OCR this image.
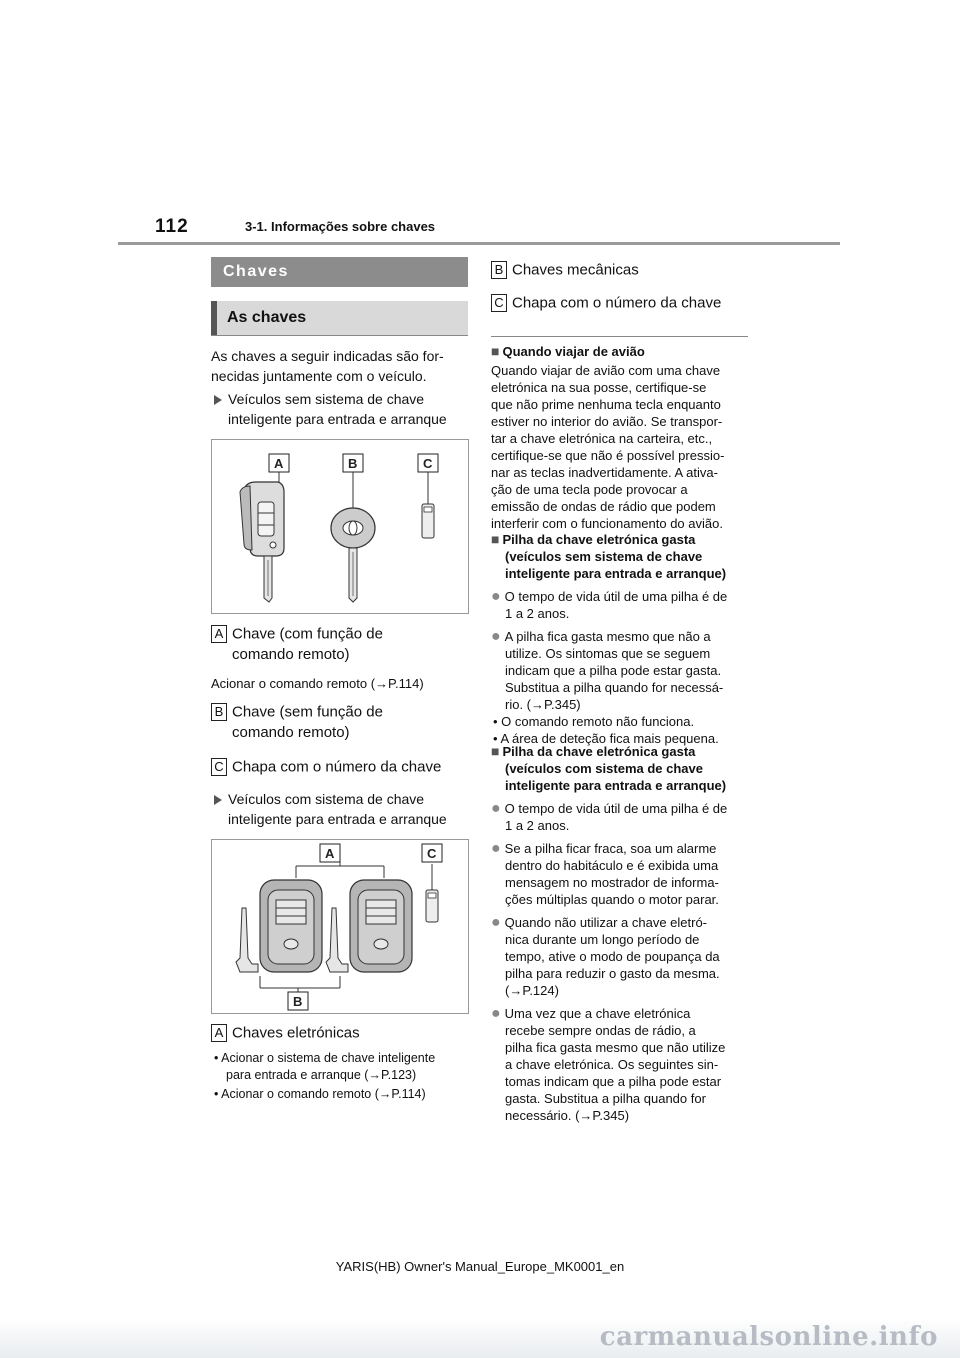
112	3-1. Informações sobre chaves
Chaves
As chaves
As chaves a seguir indicadas são for-necidas juntamente com o veículo.
Veículos sem sistema de chave
inteligente para entrada e arranque
A	B	C
A Chave (com função de
comando remoto)
Acionar o comando remoto (→P.114)
B Chave (sem função de
comando remoto)
C Chapa com o número da chave
Veículos com sistema de chave
inteligente para entrada e arranque
A	C
B
A Chaves eletrónicas
• Acionar o sistema de chave inteligente
para entrada e arranque (→P.123)
• Acionar o comando remoto (→P.114)
B Chaves mecânicas
C Chapa com o número da chave
■ Quando viajar de avião
Quando viajar de avião com uma chave
eletrónica na sua posse, certifique-se
que não prime nenhuma tecla enquanto
estiver no interior do avião. Se transpor-
tar a chave eletrónica na carteira, etc.,
certifique-se que não é possível pressio-
nar as teclas inadvertidamente. A ativa-
ção de uma tecla pode provocar a
emissão de ondas de rádio que podem
interferir com o funcionamento do avião.
■ Pilha da chave eletrónica gasta
(veículos sem sistema de chave
inteligente para entrada e arranque)
● O tempo de vida útil de uma pilha é de
1 a 2 anos.
● A pilha fica gasta mesmo que não a
utilize. Os sintomas que se seguem
indicam que a pilha pode estar gasta.
Substitua a pilha quando for necessá-
rio. (→P.345)
• O comando remoto não funciona.
• A área de deteção fica mais pequena.
■ Pilha da chave eletrónica gasta
(veículos com sistema de chave
inteligente para entrada e arranque)
● O tempo de vida útil de uma pilha é de
1 a 2 anos.
● Se a pilha ficar fraca, soa um alarme
dentro do habitáculo e é exibida uma
mensagem no mostrador de informa-
ções múltiplas quando o motor parar.
● Quando não utilizar a chave eletró-
nica durante um longo período de
tempo, ative o modo de poupança da
pilha para reduzir o gasto da mesma.
(→P.124)
● Uma vez que a chave eletrónica
recebe sempre ondas de rádio, a
pilha fica gasta mesmo que não utilize
a chave eletrónica. Os seguintes sin-
tomas indicam que a pilha pode estar
gasta. Substitua a pilha quando for
necessário. (→P.345)
YARIS(HB) Owner's Manual_Europe_MK0001_en
carmanualsonline.info
